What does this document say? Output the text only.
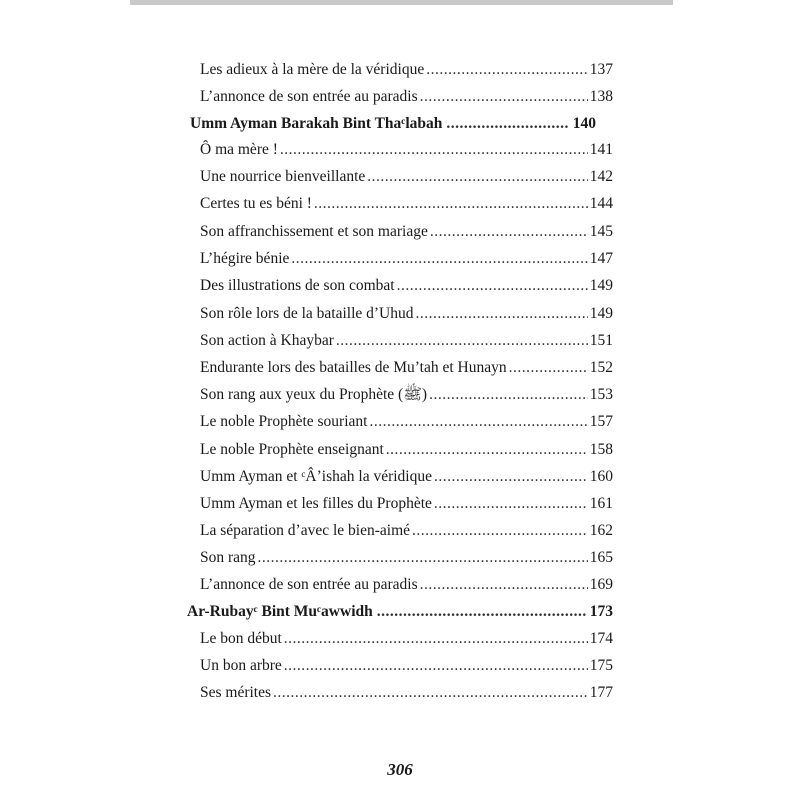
Les adieux à la mère de la véridique .....	137
L’annonce de son entrée au paradis .....	138
Umm Ayman Barakah Bint Thaᶜlabah .....	140
Ô ma mère ! .....	141
Une nourrice bienveillante .....	142
Certes tu es béni ! .....	144
Son affranchissement et son mariage .....	145
L’hégire bénie .....	147
Des illustrations de son combat .....	149
Son rôle lors de la bataille d’Uhud .....	149
Son action à Khaybar .....	151
Endurante lors des batailles de Mu’tah et Hunayn .....	152
Son rang aux yeux du Prophète (ﷺ) .....	153
Le noble Prophète souriant .....	157
Le noble Prophète enseignant .....	158
Umm Ayman et ᶜÂ’ishah la véridique .....	160
Umm Ayman et les filles du Prophète .....	161
La séparation d’avec le bien-aimé .....	162
Son rang .....	165
L’annonce de son entrée au paradis .....	169
Ar-Rubayᶜ Bint Muᶜawwidh .....	173
Le bon début .....	174
Un bon arbre .....	175
Ses mérites .....	177
306
